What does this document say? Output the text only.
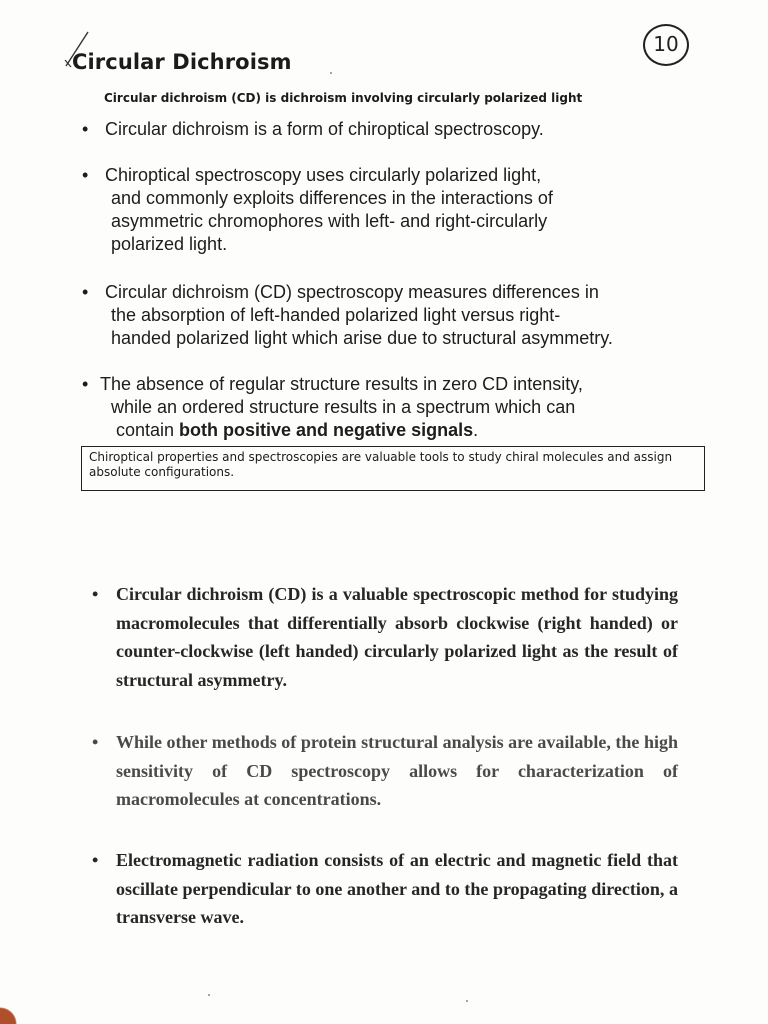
10
Circular Dichroism
Circular dichroism (CD) is dichroism involving circularly polarized light
• Circular dichroism is a form of chiroptical spectroscopy.
• Chiroptical spectroscopy uses circularly polarized light,
and commonly exploits differences in the interactions of
asymmetric chromophores with left- and right-circularly
polarized light.
• Circular dichroism (CD) spectroscopy measures differences in
the absorption of left-handed polarized light versus right-
handed polarized light which arise due to structural asymmetry.
• The absence of regular structure results in zero CD intensity,
while an ordered structure results in a spectrum which can
contain both positive and negative signals.
Chiroptical properties and spectroscopies are valuable tools to study chiral molecules and assign absolute configurations.
• Circular dichroism (CD) is a valuable spectroscopic method for studying macromolecules that differentially absorb clockwise (right handed) or counter-clockwise (left handed) circularly polarized light as the result of structural asymmetry.
• While other methods of protein structural analysis are available, the high sensitivity of CD spectroscopy allows for characterization of macromolecules at concentrations.
• Electromagnetic radiation consists of an electric and magnetic field that oscillate perpendicular to one another and to the propagating direction, a transverse wave.
